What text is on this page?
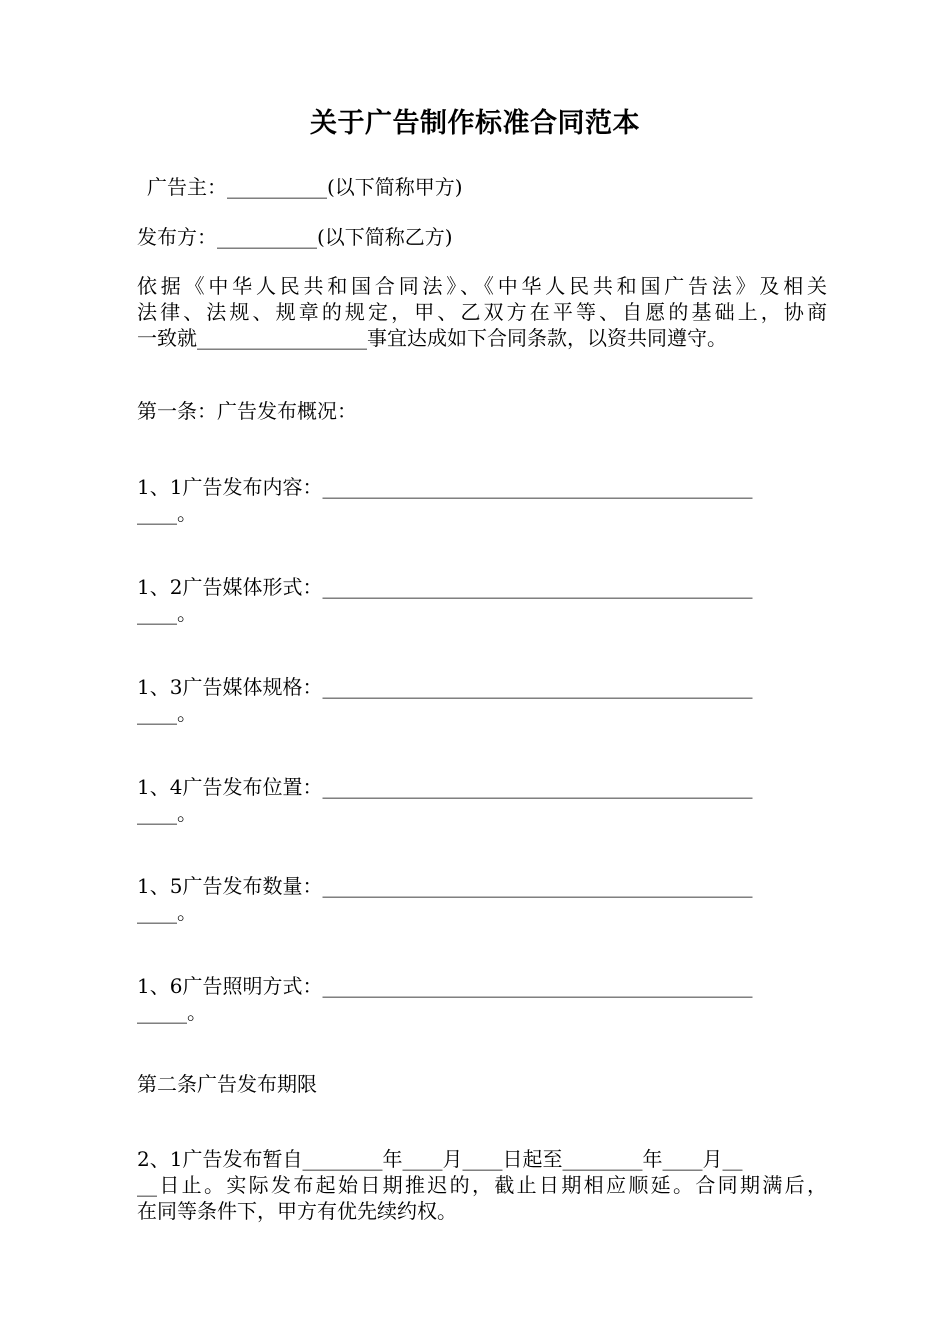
关于广告制作标准合同范本
广告主：__________(以下简称甲方)
发布方：__________(以下简称乙方)
依据《中华人民共和国合同法》、《中华人民共和国广告法》及相关
法律、法规、规章的规定，甲、乙双方在平等、自愿的基础上，协商
一致就_________________事宜达成如下合同条款，以资共同遵守。
第一条：广告发布概况：
1、1广告发布内容：___________________________________________
____。
1、2广告媒体形式：___________________________________________
____。
1、3广告媒体规格：___________________________________________
____。
1、4广告发布位置：___________________________________________
____。
1、5广告发布数量：___________________________________________
____。
1、6广告照明方式：___________________________________________
_____。
第二条广告发布期限
2、1广告发布暂自________年____月____日起至________年____月__
__日止。实际发布起始日期推迟的，截止日期相应顺延。合同期满后，
在同等条件下，甲方有优先续约权。
